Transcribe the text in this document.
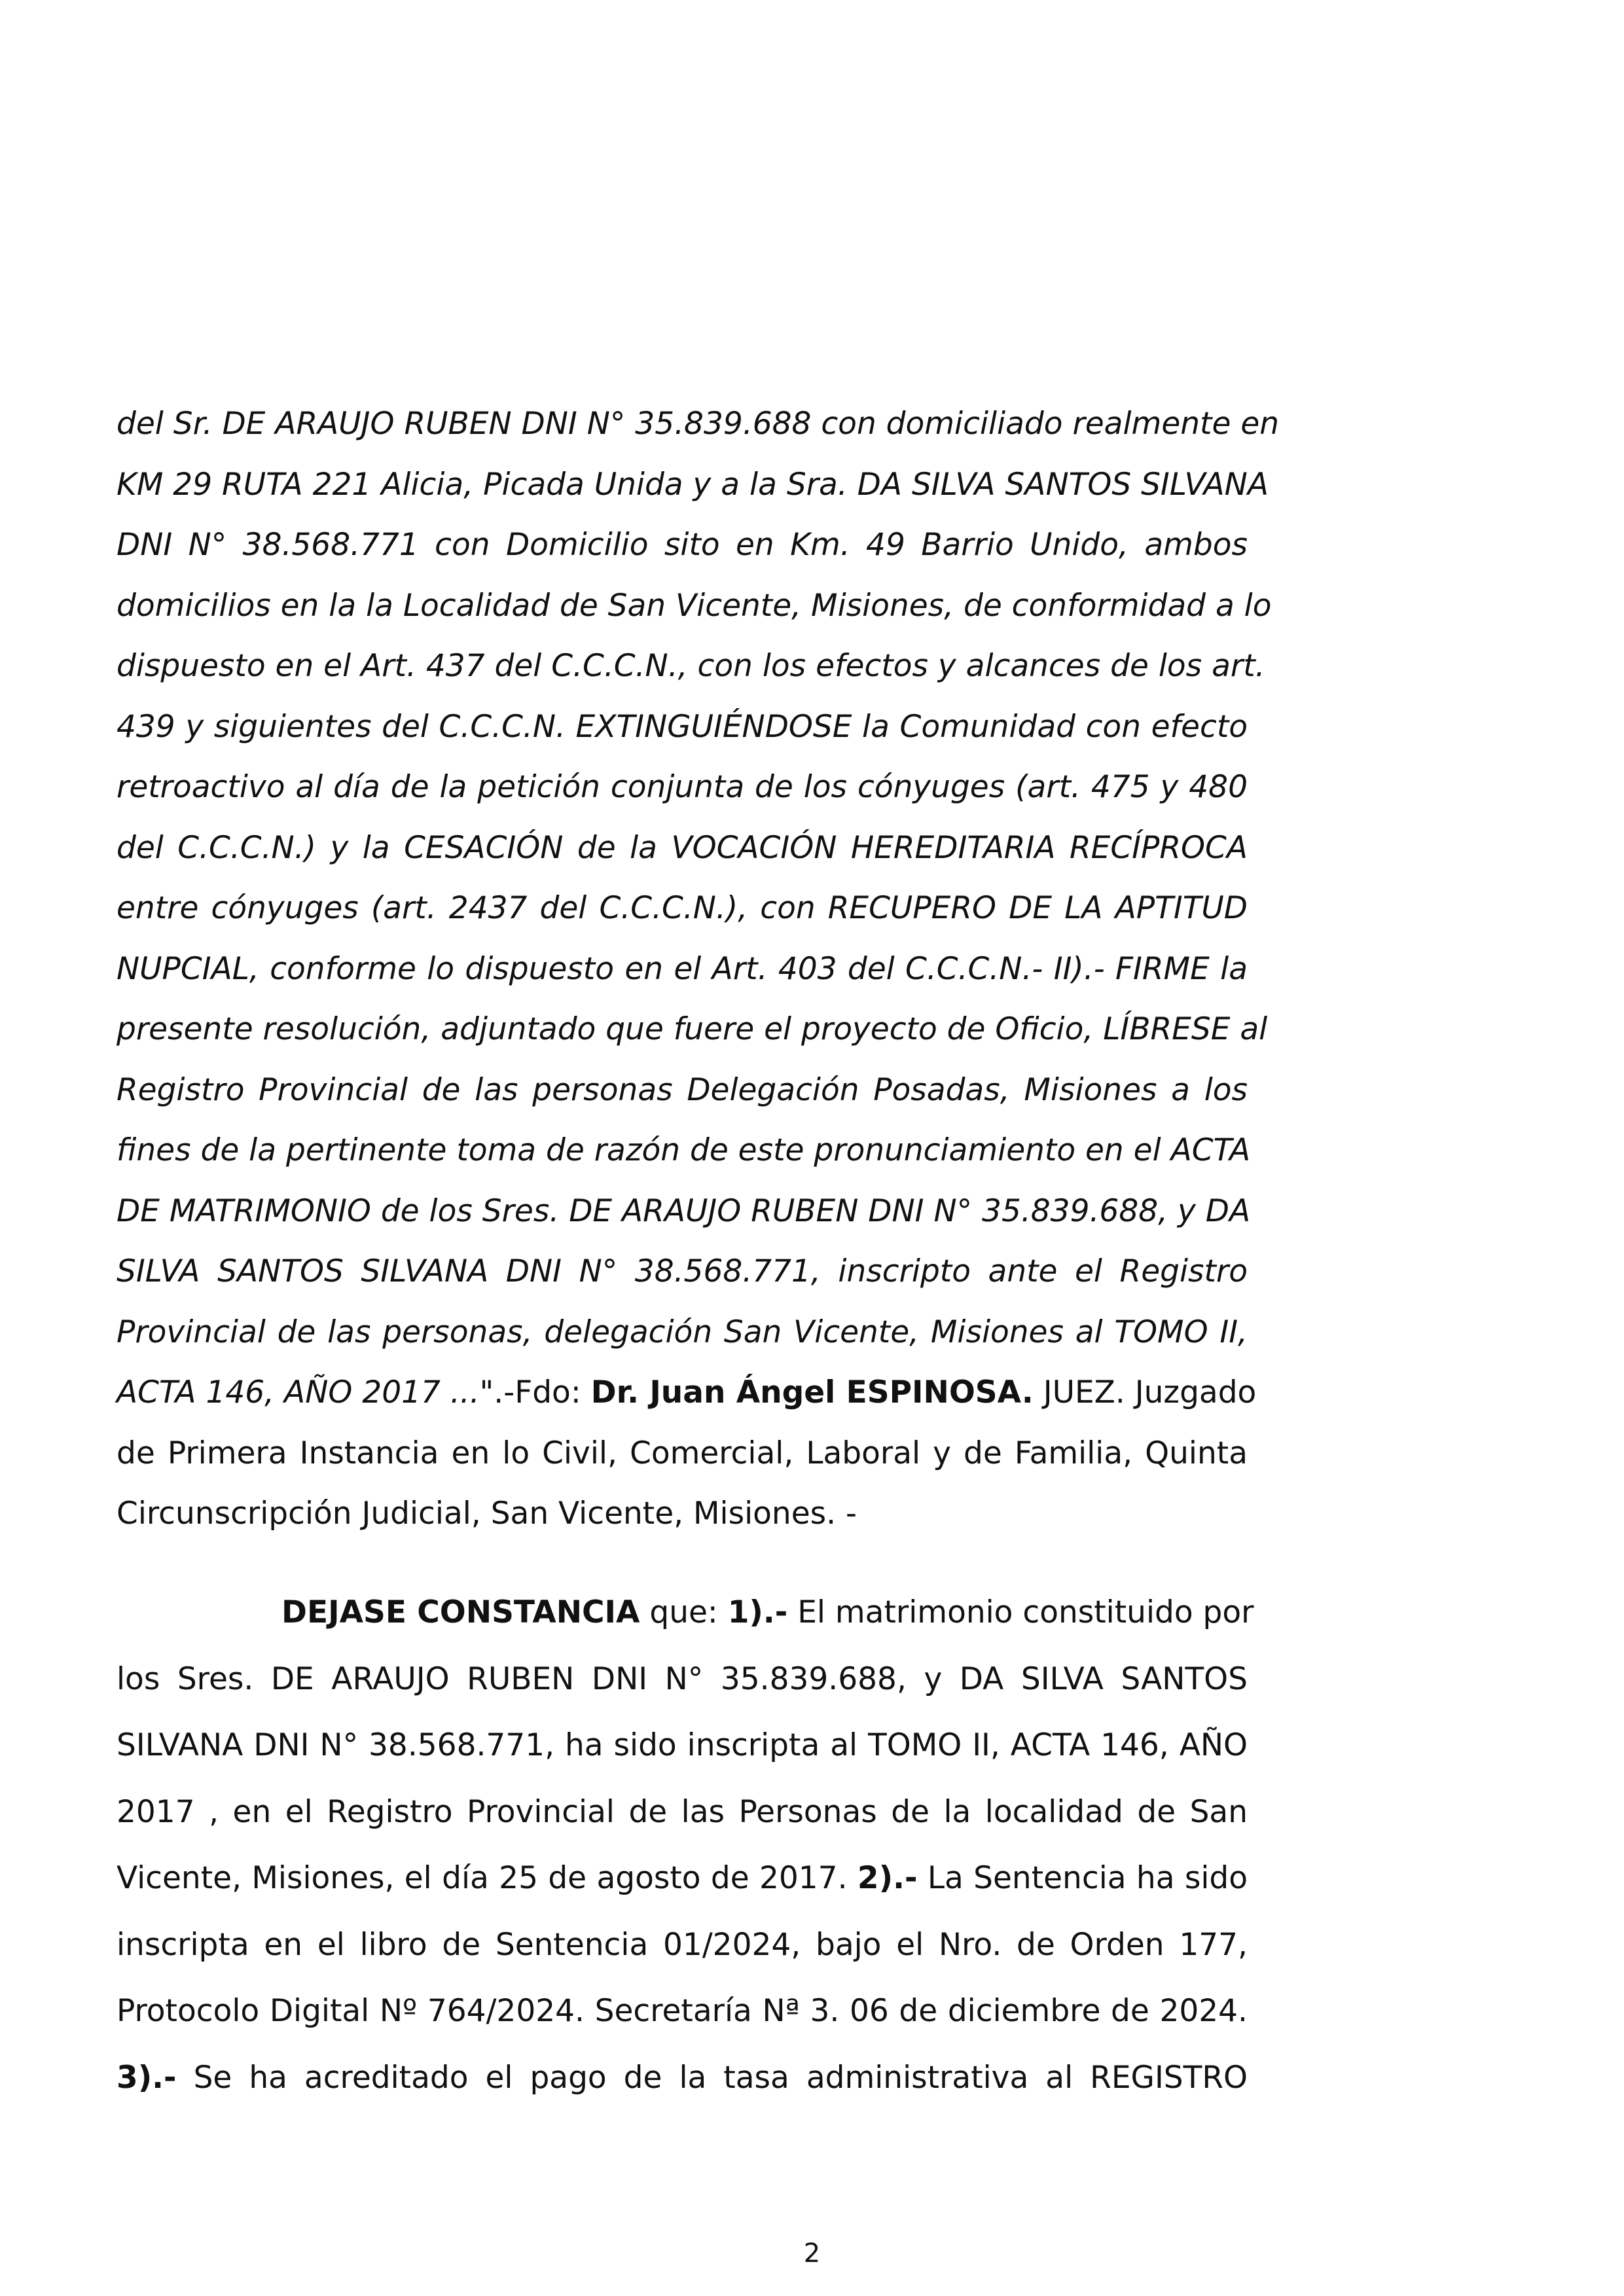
del Sr. DE ARAUJO RUBEN DNI N° 35.839.688 con domiciliado realmente en
KM 29 RUTA 221 Alicia, Picada Unida y a la Sra. DA SILVA SANTOS SILVANA
DNI N° 38.568.771 con Domicilio sito en Km. 49 Barrio Unido, ambos
domicilios en la la Localidad de San Vicente, Misiones, de conformidad a lo
dispuesto en el Art. 437 del C.C.C.N., con los efectos y alcances de los art.
439 y siguientes del C.C.C.N. EXTINGUIÉNDOSE la Comunidad con efecto
retroactivo al día de la petición conjunta de los cónyuges (art. 475 y 480
del C.C.C.N.) y la CESACIÓN de la VOCACIÓN HEREDITARIA RECÍPROCA
entre cónyuges (art. 2437 del C.C.C.N.), con RECUPERO DE LA APTITUD
NUPCIAL, conforme lo dispuesto en el Art. 403 del C.C.C.N.- II).- FIRME la
presente resolución, adjuntado que fuere el proyecto de Oficio, LÍBRESE al
Registro Provincial de las personas Delegación Posadas, Misiones a los
fines de la pertinente toma de razón de este pronunciamiento en el ACTA
DE MATRIMONIO de los Sres. DE ARAUJO RUBEN DNI N° 35.839.688, y DA
SILVA SANTOS SILVANA DNI N° 38.568.771, inscripto ante el Registro
Provincial de las personas, delegación San Vicente, Misiones al TOMO II,
ACTA 146, AÑO 2017 ...".-Fdo: Dr. Juan Ángel ESPINOSA. JUEZ. Juzgado
de Primera Instancia en lo Civil, Comercial, Laboral y de Familia, Quinta
Circunscripción Judicial, San Vicente, Misiones. -
DEJASE CONSTANCIA que: 1).- El matrimonio constituido por
los Sres. DE ARAUJO RUBEN DNI N° 35.839.688, y DA SILVA SANTOS
SILVANA DNI N° 38.568.771, ha sido inscripta al TOMO II, ACTA 146, AÑO
2017 , en el Registro Provincial de las Personas de la localidad de San
Vicente, Misiones, el día 25 de agosto de 2017. 2).- La Sentencia ha sido
inscripta en el libro de Sentencia 01/2024, bajo el Nro. de Orden 177,
Protocolo Digital Nº 764/2024. Secretaría Nª 3. 06 de diciembre de 2024.
3).- Se ha acreditado el pago de la tasa administrativa al REGISTRO
2
